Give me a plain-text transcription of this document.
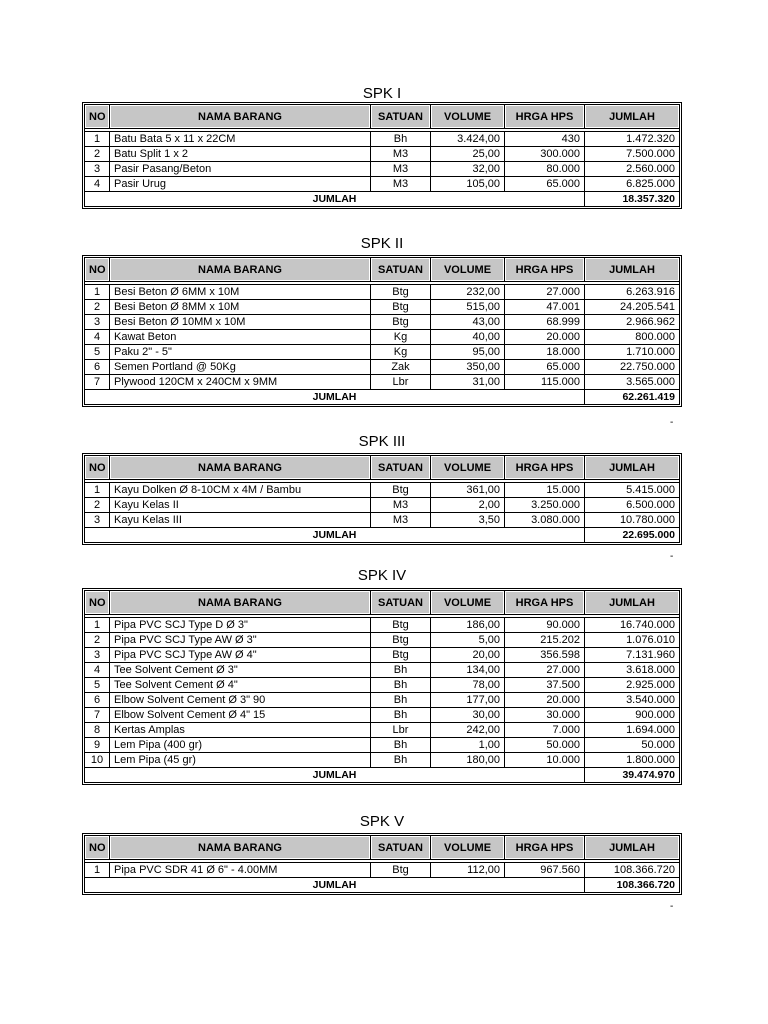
SPK I
NO	NAMA BARANG	SATUAN	VOLUME	HRGA HPS	JUMLAH

1	Batu Bata 5 x 11 x 22CM	Bh	3.424,00	430	1.472.320
2	Batu Split 1 x 2	M3	25,00	300.000	7.500.000
3	Pasir Pasang/Beton	M3	32,00	80.000	2.560.000
4	Pasir Urug	M3	105,00	65.000	6.825.000
JUMLAH					18.357.320
SPK II
NO	NAMA BARANG	SATUAN	VOLUME	HRGA HPS	JUMLAH

1	Besi Beton Ø 6MM x 10M	Btg	232,00	27.000	6.263.916
2	Besi Beton Ø 8MM x 10M	Btg	515,00	47.001	24.205.541
3	Besi Beton Ø 10MM x 10M	Btg	43,00	68.999	2.966.962
4	Kawat Beton	Kg	40,00	20.000	800.000
5	Paku 2" - 5"	Kg	95,00	18.000	1.710.000
6	Semen Portland @ 50Kg	Zak	350,00	65.000	22.750.000
7	Plywood 120CM x 240CM x 9MM	Lbr	31,00	115.000	3.565.000
JUMLAH					62.261.419
-
SPK III
NO	NAMA BARANG	SATUAN	VOLUME	HRGA HPS	JUMLAH

1	Kayu Dolken Ø 8-10CM x 4M / Bambu	Btg	361,00	15.000	5.415.000
2	Kayu Kelas II	M3	2,00	3.250.000	6.500.000
3	Kayu Kelas III	M3	3,50	3.080.000	10.780.000
JUMLAH					22.695.000
-
SPK IV
NO	NAMA BARANG	SATUAN	VOLUME	HRGA HPS	JUMLAH

1	Pipa PVC SCJ Type D Ø 3"	Btg	186,00	90.000	16.740.000
2	Pipa PVC SCJ Type AW Ø 3"	Btg	5,00	215.202	1.076.010
3	Pipa PVC SCJ Type AW Ø 4"	Btg	20,00	356.598	7.131.960
4	Tee Solvent Cement Ø 3"	Bh	134,00	27.000	3.618.000
5	Tee Solvent Cement Ø 4"	Bh	78,00	37.500	2.925.000
6	Elbow Solvent Cement Ø 3" 90	Bh	177,00	20.000	3.540.000
7	Elbow Solvent Cement Ø 4" 15	Bh	30,00	30.000	900.000
8	Kertas Amplas	Lbr	242,00	7.000	1.694.000
9	Lem Pipa (400 gr)	Bh	1,00	50.000	50.000
10	Lem Pipa (45 gr)	Bh	180,00	10.000	1.800.000
JUMLAH					39.474.970
SPK V
NO	NAMA BARANG	SATUAN	VOLUME	HRGA HPS	JUMLAH

1	Pipa PVC SDR 41 Ø 6" - 4.00MM	Btg	112,00	967.560	108.366.720
JUMLAH					108.366.720
-
